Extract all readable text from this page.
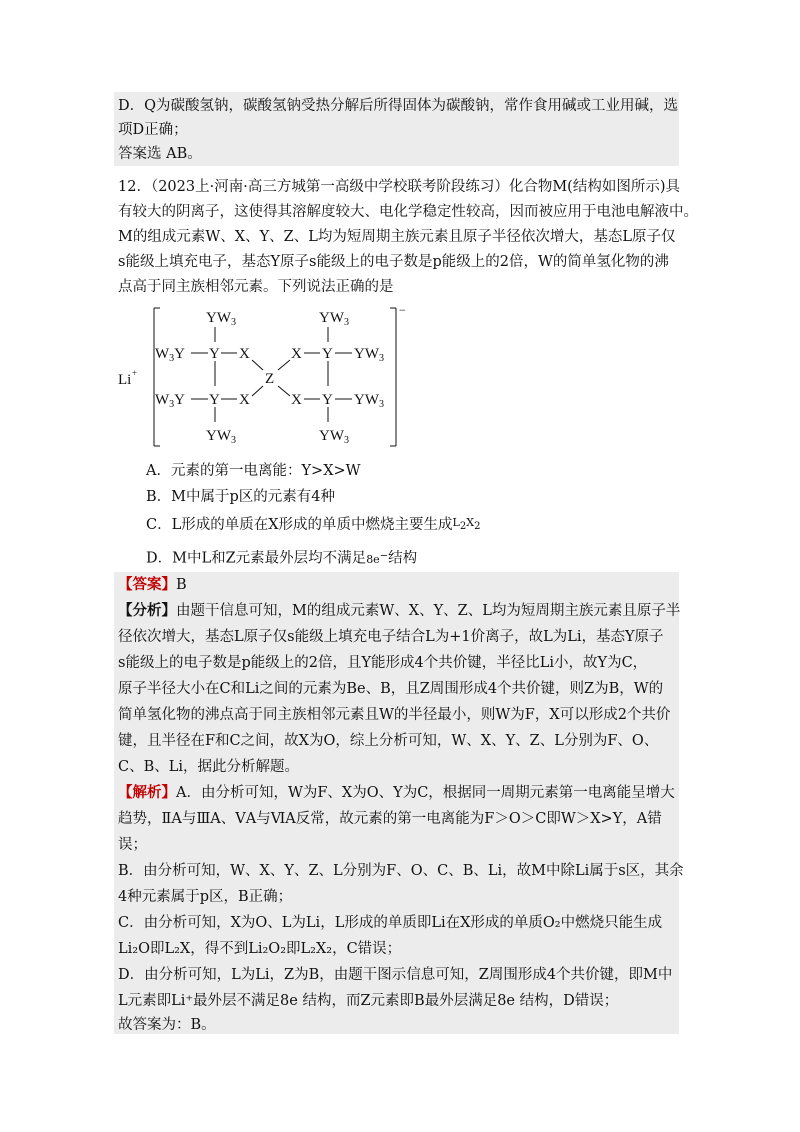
D．Q为碳酸氢钠，碳酸氢钠受热分解后所得固体为碳酸钠，常作食用碱或工业用碱，选
项D正确；
答案选 AB。
12．（2023上·河南·高三方城第一高级中学校联考阶段练习）化合物M(结构如图所示)具
有较大的阴离子，这使得其溶解度较大、电化学稳定性较高，因而被应用于电池电解液中。
M的组成元素W、X、Y、Z、L均为短周期主族元素且原子半径依次增大，基态L原子仅
s能级上填充电子，基态Y原子s能级上的电子数是p能级上的2倍，W的简单氢化物的沸
点高于同主族相邻元素。下列说法正确的是
Li +
−
$YW_3$
$W_3Y$ Y X
$W_3Y$ Y X
$YW_3$
Z
X Y $YW_3$
$YW_3$
X Y $YW_3$
$YW_3$
A．元素的第一电离能：Y>X>W
B．M中属于p区的元素有4种
C．L形成的单质在X形成的单质中燃烧主要生成$^{L_2X_2}$
D．M中L和Z元素最外层均不满足8e−结构
【答案】B
【分析】由题干信息可知，M的组成元素W、X、Y、Z、L均为短周期主族元素且原子半
径依次增大，基态L原子仅s能级上填充电子结合L为+1价离子，故L为Li，基态Y原子
s能级上的电子数是p能级上的2倍，且Y能形成4个共价键，半径比Li小，故Y为C，
原子半径大小在C和Li之间的元素为Be、B，且Z周围形成4个共价键，则Z为B，W的
简单氢化物的沸点高于同主族相邻元素且W的半径最小，则W为F，X可以形成2个共价
键，且半径在F和C之间，故X为O，综上分析可知，W、X、Y、Z、L分别为F、O、
C、B、Li，据此分析解题。
【解析】A．由分析可知，W为F、X为O、Y为C，根据同一周期元素第一电离能呈增大
趋势，ⅡA与ⅢA、ⅤA与ⅥA反常，故元素的第一电离能为F＞O＞C即W＞X>Y，A错
误；
B．由分析可知，W、X、Y、Z、L分别为F、O、C、B、Li，故M中除Li属于s区，其余
4种元素属于p区，B正确；
C．由分析可知，X为O、L为Li，L形成的单质即Li在X形成的单质O₂中燃烧只能生成
Li₂O即L₂X，得不到Li₂O₂即L₂X₂，C错误；
D．由分析可知，L为Li，Z为B，由题干图示信息可知，Z周围形成4个共价键，即M中
L元素即Li⁺最外层不满足8e 结构，而Z元素即B最外层满足8e 结构，D错误；
故答案为：B。
